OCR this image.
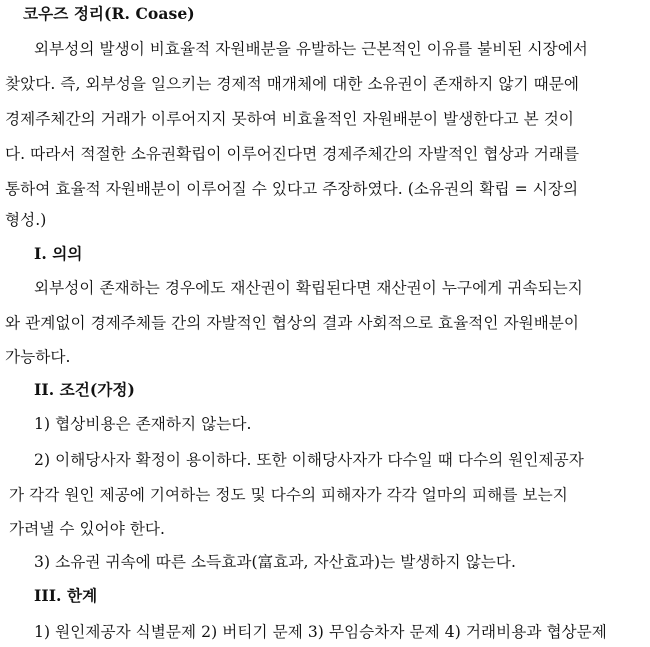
코우즈 정리(R. Coase)
외부성의 발생이 비효율적 자원배분을 유발하는 근본적인 이유를 불비된 시장에서
찾았다. 즉, 외부성을 일으키는 경제적 매개체에 대한 소유권이 존재하지 않기 때문에
경제주체간의 거래가 이루어지지 못하여 비효율적인 자원배분이 발생한다고 본 것이
다. 따라서 적절한 소유권확립이 이루어진다면 경제주체간의 자발적인 협상과 거래를
통하여 효율적 자원배분이 이루어질 수 있다고 주장하였다. (소유권의 확립 = 시장의
형성.)
I. 의의
외부성이 존재하는 경우에도 재산권이 확립된다면 재산권이 누구에게 귀속되는지
와 관계없이 경제주체들 간의 자발적인 협상의 결과 사회적으로 효율적인 자원배분이
가능하다.
II. 조건(가정)
1) 협상비용은 존재하지 않는다.
2) 이해당사자 확정이 용이하다. 또한 이해당사자가 다수일 때 다수의 원인제공자
가 각각 원인 제공에 기여하는 정도 및 다수의 피해자가 각각 얼마의 피해를 보는지
가려낼 수 있어야 한다.
3) 소유권 귀속에 따른 소득효과(富효과, 자산효과)는 발생하지 않는다.
III. 한계
1) 원인제공자 식별문제 2) 버티기 문제 3) 무임승차자 문제 4) 거래비용과 협상문제
